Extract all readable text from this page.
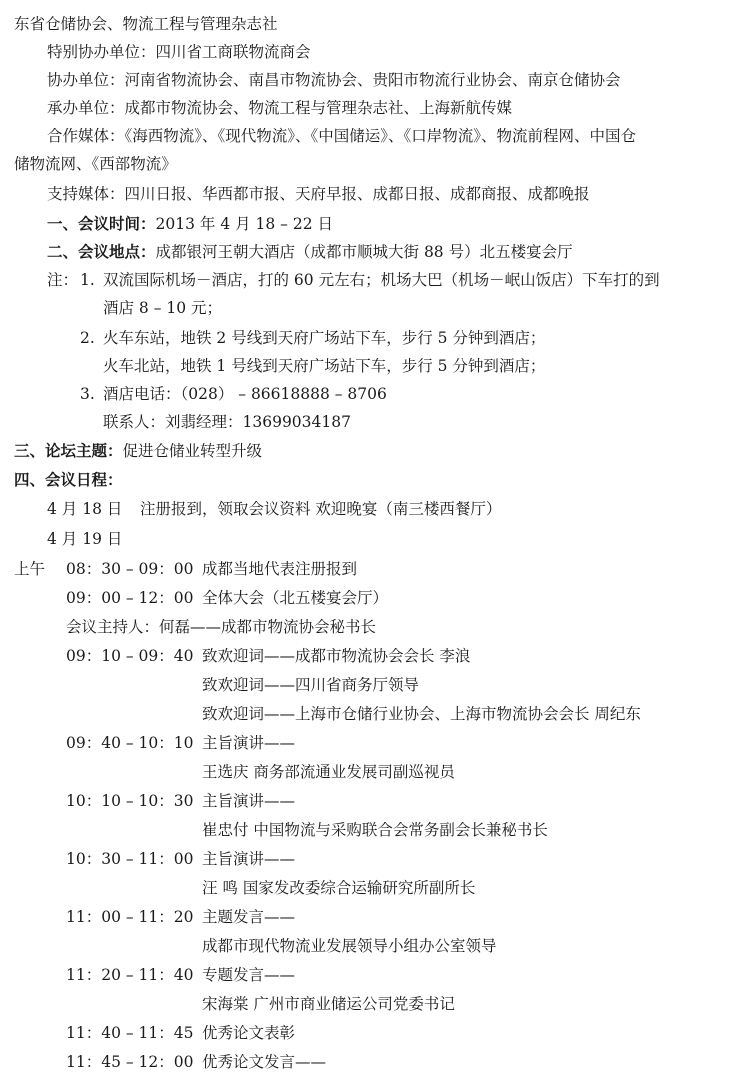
东省仓储协会、物流工程与管理杂志社
特别协办单位：四川省工商联物流商会
协办单位：河南省物流协会、南昌市物流协会、贵阳市物流行业协会、南京仓储协会
承办单位：成都市物流协会、物流工程与管理杂志社、上海新航传媒
合作媒体：《海西物流》、《现代物流》、《中国储运》、《口岸物流》、物流前程网、中国仓
储物流网、《西部物流》
支持媒体：四川日报、华西都市报、天府早报、成都日报、成都商报、成都晚报
一、会议时间：2013 年 4 月 18 – 22 日
二、会议地点：成都银河王朝大酒店（成都市顺城大街 88 号）北五楼宴会厅
注： 1. 双流国际机场－酒店，打的 60 元左右；机场大巴（机场－岷山饭店）下车打的到
酒店 8 – 10 元；
2. 火车东站，地铁 2 号线到天府广场站下车，步行 5 分钟到酒店；
火车北站，地铁 1 号线到天府广场站下车，步行 5 分钟到酒店；
3. 酒店电话：（028） – 86618888 – 8706
联系人：刘翡经理：13699034187
三、论坛主题：促进仓储业转型升级
四、会议日程：
4 月 18 日 注册报到，领取会议资料 欢迎晚宴（南三楼西餐厅）
4 月 19 日
上午 08：30 – 09：00 成都当地代表注册报到
09：00 – 12：00 全体大会（北五楼宴会厅）
会议主持人：何磊——成都市物流协会秘书长
09：10 – 09：40 致欢迎词——成都市物流协会会长 李浪
致欢迎词——四川省商务厅领导
致欢迎词——上海市仓储行业协会、上海市物流协会会长 周纪东
09：40 – 10：10 主旨演讲——
王选庆 商务部流通业发展司副巡视员
10：10 – 10：30 主旨演讲——
崔忠付 中国物流与采购联合会常务副会长兼秘书长
10：30 – 11：00 主旨演讲——
汪 鸣 国家发改委综合运输研究所副所长
11：00 – 11：20 主题发言——
成都市现代物流业发展领导小组办公室领导
11：20 – 11：40 专题发言——
宋海棠 广州市商业储运公司党委书记
11：40 – 11：45 优秀论文表彰
11：45 – 12：00 优秀论文发言——
